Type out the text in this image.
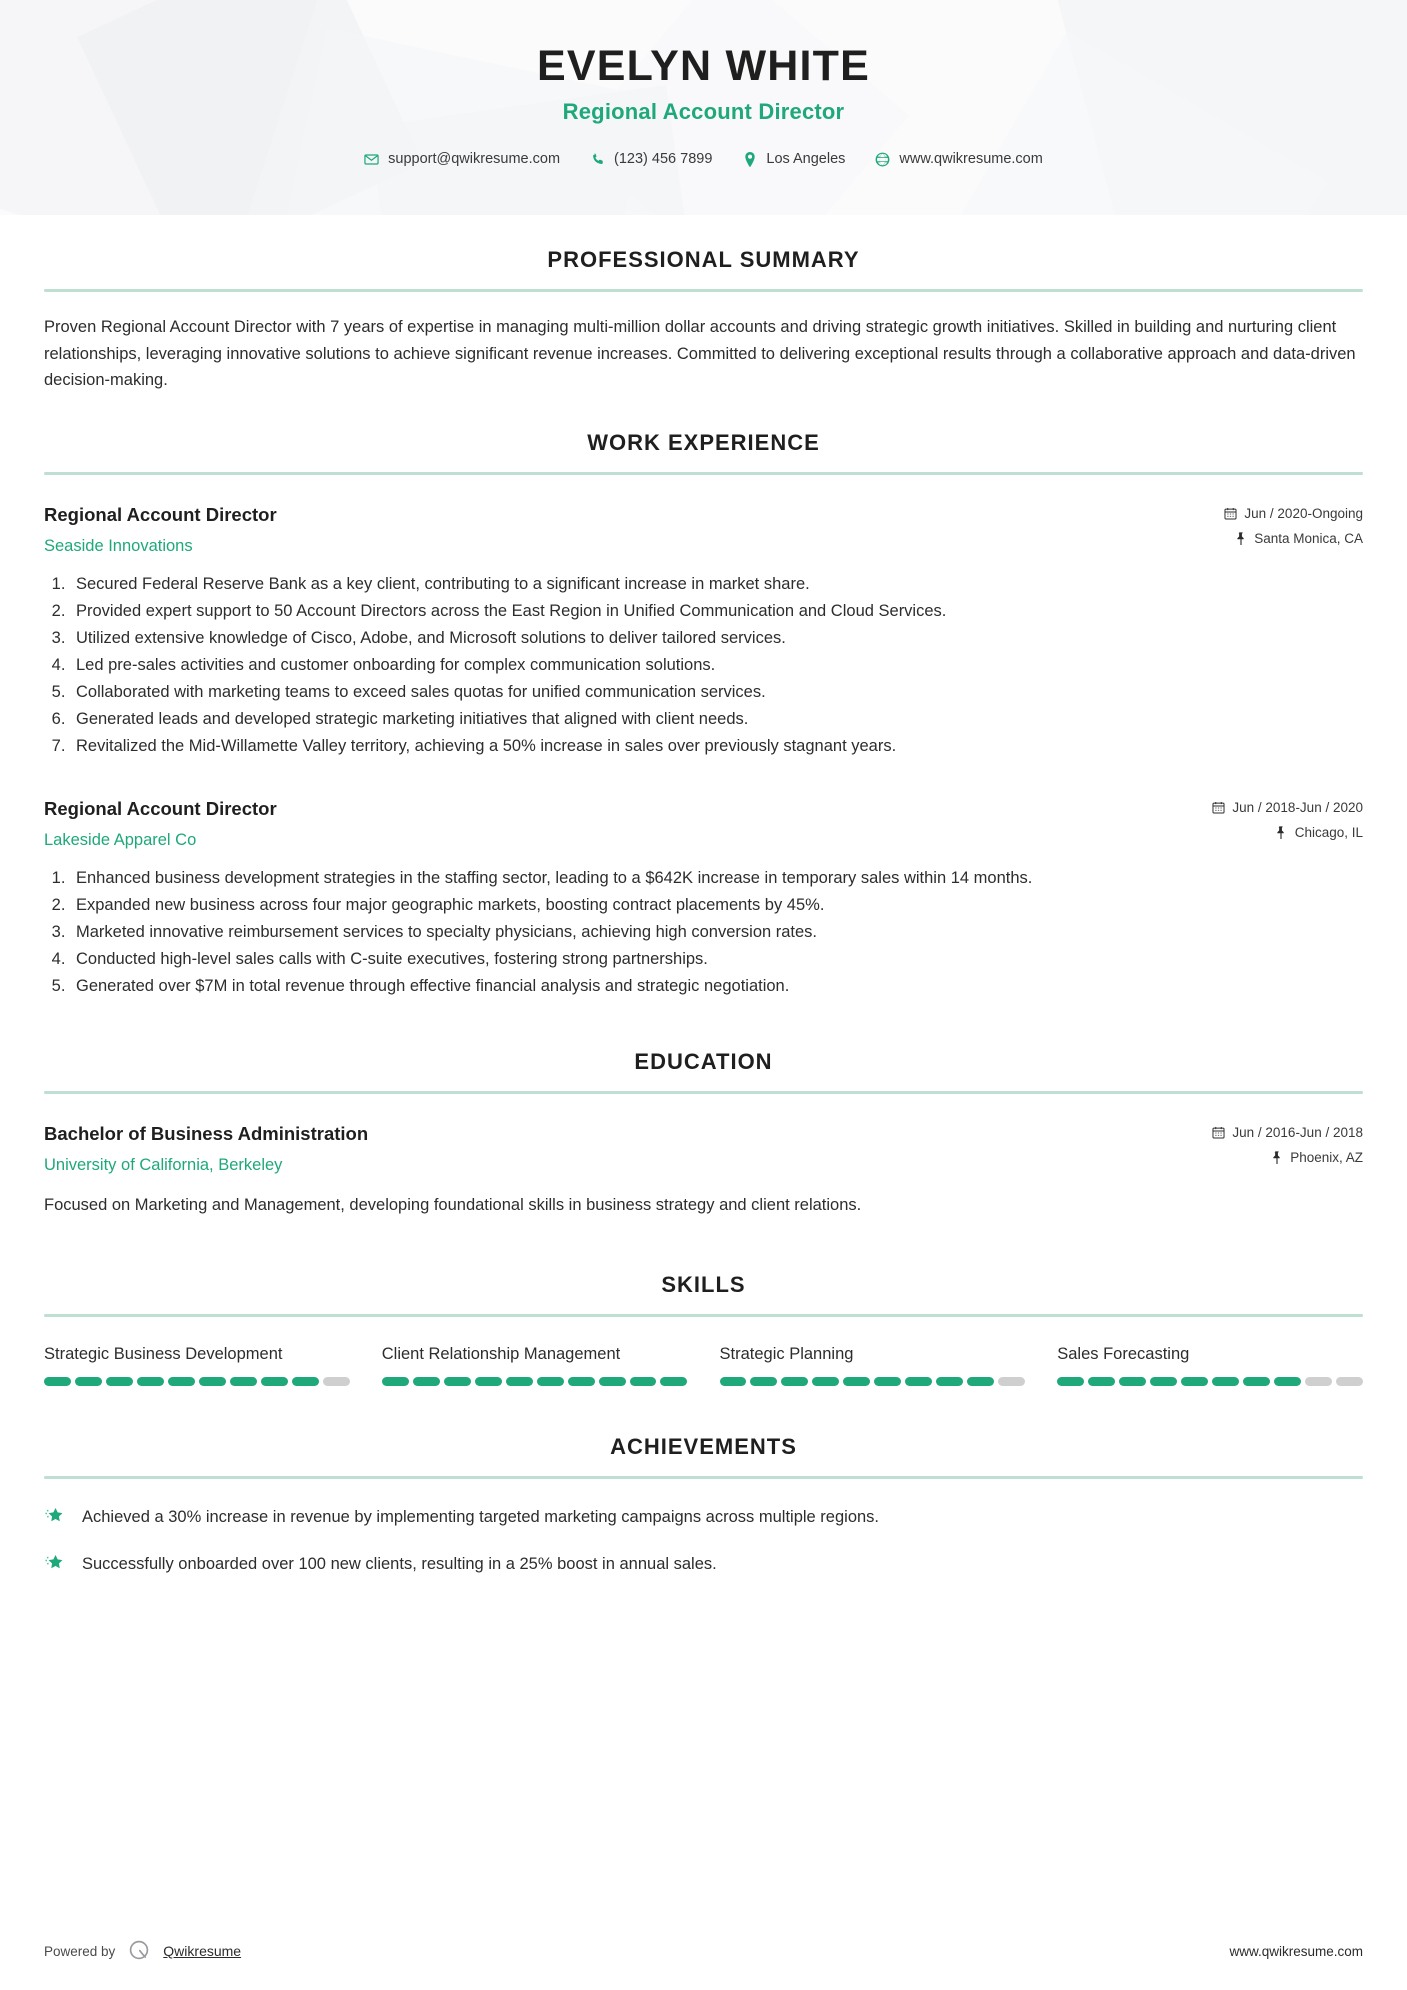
EVELYN WHITE
Regional Account Director
support@qwikresume.com	(123) 456 7899	Los Angeles	www.qwikresume.com
PROFESSIONAL SUMMARY

Proven Regional Account Director with 7 years of expertise in managing multi-million dollar accounts and driving strategic growth initiatives. Skilled in building and nurturing client relationships, leveraging innovative solutions to achieve significant revenue increases. Committed to delivering exceptional results through a collaborative approach and data-driven decision-making.

WORK EXPERIENCE
Regional Account Director
Seaside Innovations
Jun / 2020-Ongoing
Santa Monica, CA
1. Secured Federal Reserve Bank as a key client, contributing to a significant increase in market share.
2. Provided expert support to 50 Account Directors across the East Region in Unified Communication and Cloud Services.
3. Utilized extensive knowledge of Cisco, Adobe, and Microsoft solutions to deliver tailored services.
4. Led pre-sales activities and customer onboarding for complex communication solutions.
5. Collaborated with marketing teams to exceed sales quotas for unified communication services.
6. Generated leads and developed strategic marketing initiatives that aligned with client needs.
7. Revitalized the Mid-Willamette Valley territory, achieving a 50% increase in sales over previously stagnant years.
Regional Account Director
Lakeside Apparel Co
Jun / 2018-Jun / 2020
Chicago, IL
1. Enhanced business development strategies in the staffing sector, leading to a $642K increase in temporary sales within 14 months.
2. Expanded new business across four major geographic markets, boosting contract placements by 45%.
3. Marketed innovative reimbursement services to specialty physicians, achieving high conversion rates.
4. Conducted high-level sales calls with C-suite executives, fostering strong partnerships.
5. Generated over $7M in total revenue through effective financial analysis and strategic negotiation.
EDUCATION
Bachelor of Business Administration
University of California, Berkeley
Jun / 2016-Jun / 2018
Phoenix, AZ

Focused on Marketing and Management, developing foundational skills in business strategy and client relations.

SKILLS
Strategic Business Development	Client Relationship Management	Strategic Planning	Sales Forecasting
ACHIEVEMENTS
Achieved a 30% increase in revenue by implementing targeted marketing campaigns across multiple regions.
Successfully onboarded over 100 new clients, resulting in a 25% boost in annual sales.
Powered by	Qwikresume	www.qwikresume.com
